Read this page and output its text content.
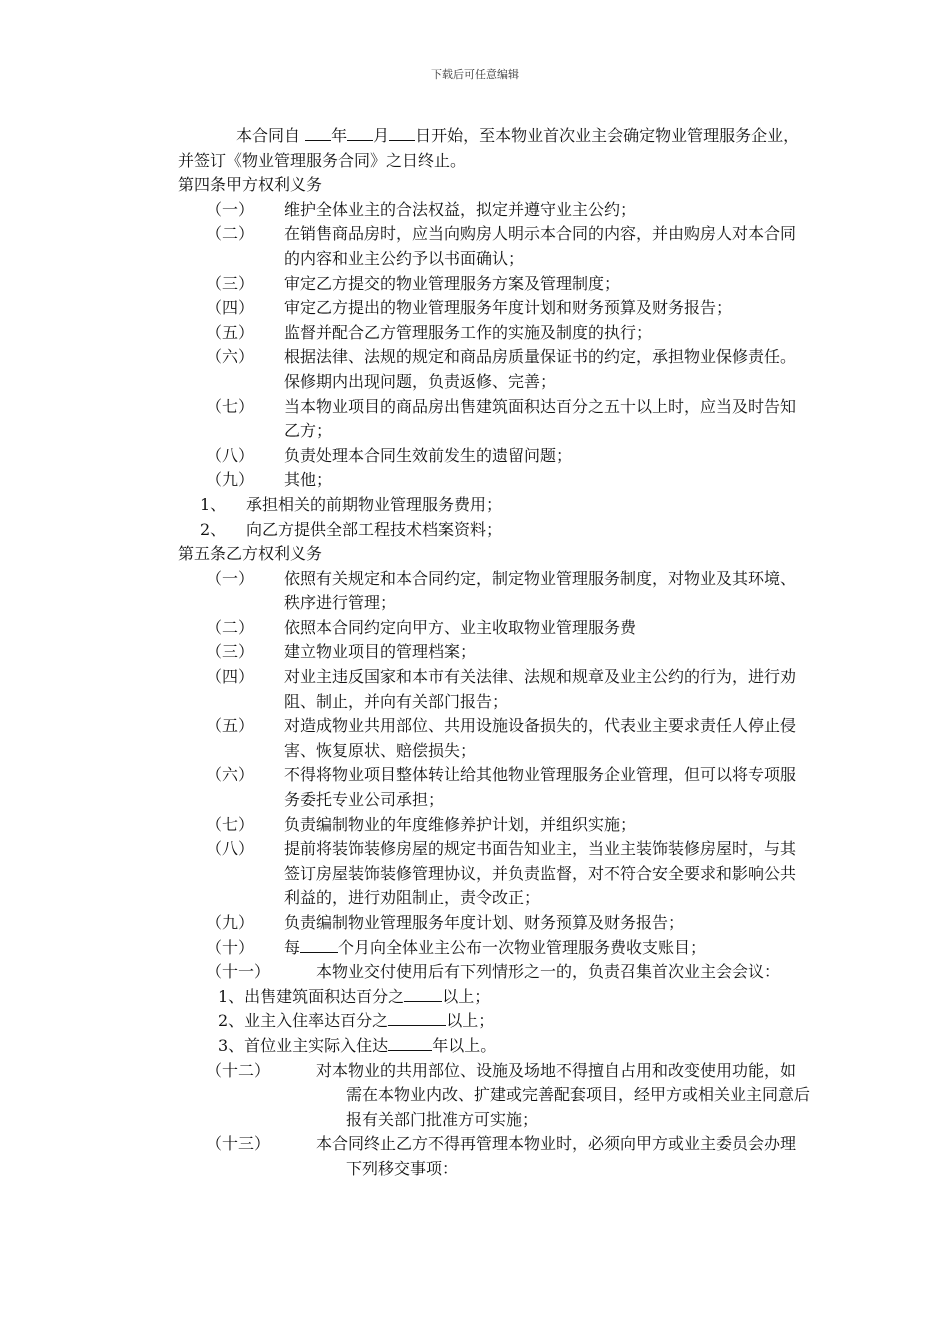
下载后可任意编辑

本合同自 年 月 日开始，至本物业首次业主会确定物业管理服务企业，并签订《物业管理服务合同》之日终止。

第四条甲方权利义务
（一）	维护全体业主的合法权益，拟定并遵守业主公约；
（二）	在销售商品房时，应当向购房人明示本合同的内容，并由购房人对本合同的内容和业主公约予以书面确认；
（三）	审定乙方提交的物业管理服务方案及管理制度；
（四）	审定乙方提出的物业管理服务年度计划和财务预算及财务报告；
（五）	监督并配合乙方管理服务工作的实施及制度的执行；
（六）	根据法律、法规的规定和商品房质量保证书的约定，承担物业保修责任。保修期内出现问题，负责返修、完善；
（七）	当本物业项目的商品房出售建筑面积达百分之五十以上时，应当及时告知乙方；
（八）	负责处理本合同生效前发生的遗留问题；
（九）	其他；
1、	承担相关的前期物业管理服务费用；
2、	向乙方提供全部工程技术档案资料；
第五条乙方权利义务
（一）	依照有关规定和本合同约定，制定物业管理服务制度，对物业及其环境、秩序进行管理；
（二）	依照本合同约定向甲方、业主收取物业管理服务费
（三）	建立物业项目的管理档案；
（四）	对业主违反国家和本市有关法律、法规和规章及业主公约的行为，进行劝阻、制止，并向有关部门报告；
（五）	对造成物业共用部位、共用设施设备损失的，代表业主要求责任人停止侵害、恢复原状、赔偿损失；
（六）	不得将物业项目整体转让给其他物业管理服务企业管理，但可以将专项服务委托专业公司承担；
（七）	负责编制物业的年度维修养护计划，并组织实施；
（八）	提前将装饰装修房屋的规定书面告知业主，当业主装饰装修房屋时，与其签订房屋装饰装修管理协议，并负责监督，对不符合安全要求和影响公共利益的，进行劝阻制止，责令改正；
（九）	负责编制物业管理服务年度计划、财务预算及财务报告；
（十）	每 个月向全体业主公布一次物业管理服务费收支账目；
（十一）	本物业交付使用后有下列情形之一的，负责召集首次业主会会议：
1、出售建筑面积达百分之 以上；
2、业主入住率达百分之	以上；
3、首位业主实际入住达	年以上。
（十二）	对本物业的共用部位、设施及场地不得擅自占用和改变使用功能，如需在本物业内改、扩建或完善配套项目，经甲方或相关业主同意后报有关部门批准方可实施；
（十三）	本合同终止乙方不得再管理本物业时，必须向甲方或业主委员会办理下列移交事项：
